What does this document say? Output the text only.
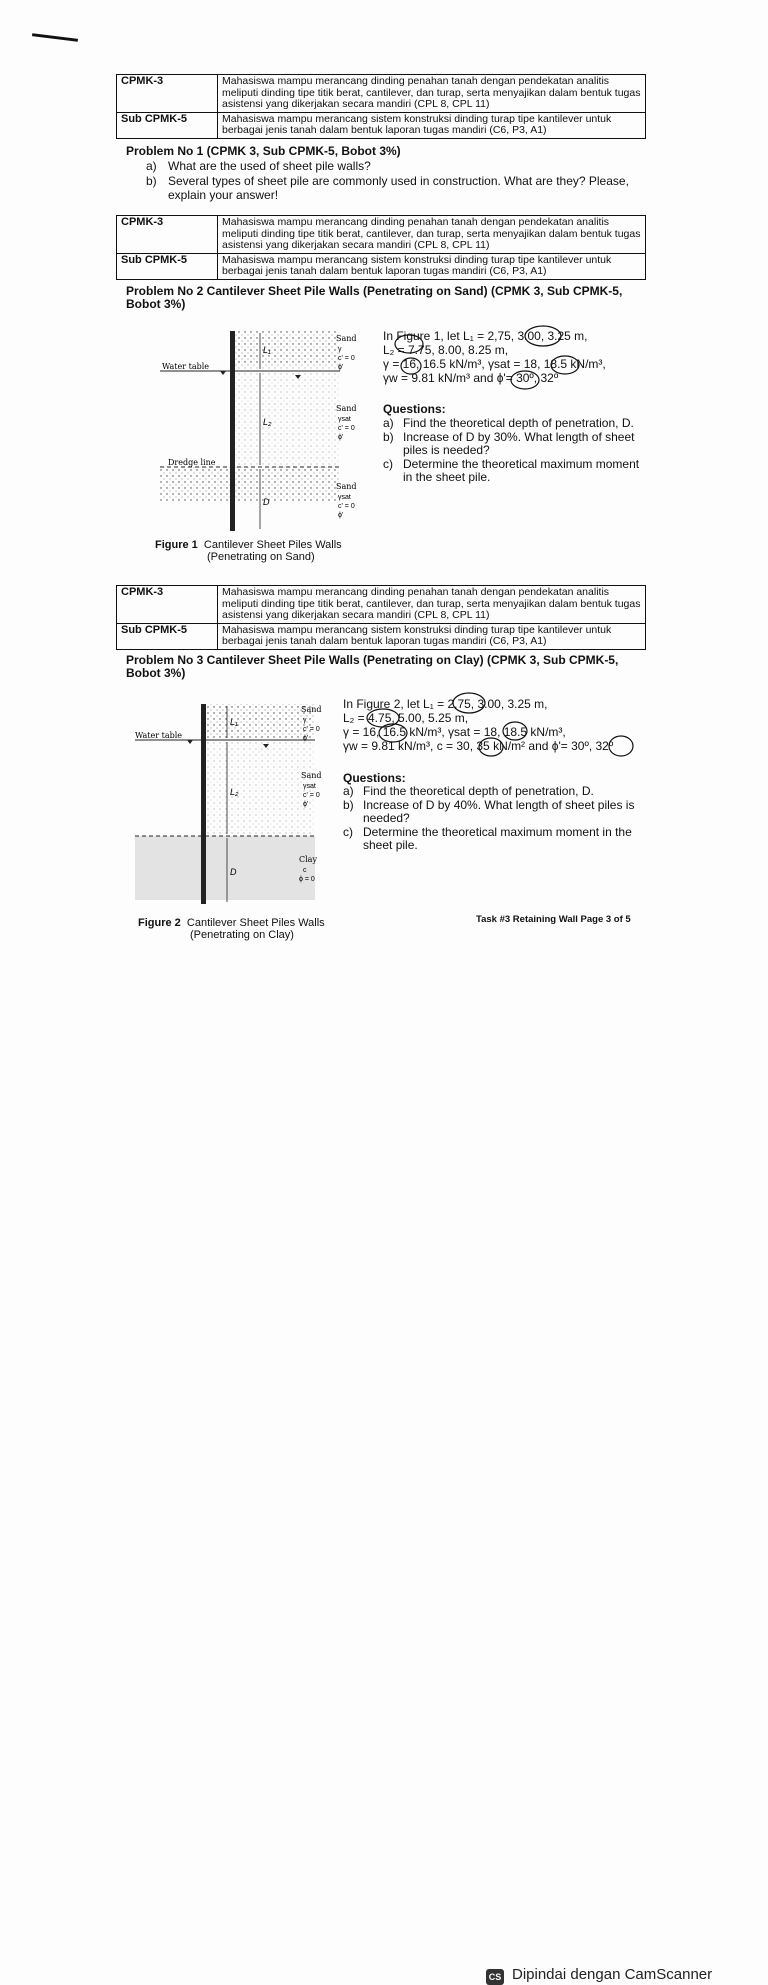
CPMK-3	Mahasiswa mampu merancang dinding penahan tanah dengan pendekatan analitis meliputi dinding tipe titik berat, cantilever, dan turap, serta menyajikan dalam bentuk tugas asistensi yang dikerjakan secara mandiri (CPL 8, CPL 11)
Sub CPMK-5	Mahasiswa mampu merancang sistem konstruksi dinding turap tipe kantilever untuk berbagai jenis tanah dalam bentuk laporan tugas mandiri (C6, P3, A1)
Problem No 1 (CPMK 3, Sub CPMK-5, Bobot 3%)
a) What are the used of sheet pile walls?
b) Several types of sheet pile are commonly used in construction. What are they? Please, explain your answer!
CPMK-3	Mahasiswa mampu merancang dinding penahan tanah dengan pendekatan analitis meliputi dinding tipe titik berat, cantilever, dan turap, serta menyajikan dalam bentuk tugas asistensi yang dikerjakan secara mandiri (CPL 8, CPL 11)
Sub CPMK-5	Mahasiswa mampu merancang sistem konstruksi dinding turap tipe kantilever untuk berbagai jenis tanah dalam bentuk laporan tugas mandiri (C6, P3, A1)
Problem No 2 Cantilever Sheet Pile Walls (Penetrating on Sand) (CPMK 3, Sub CPMK-5, Bobot 3%)
L₁
L₂
D
Water table
Dredge line
Sand
γ
c' = 0
ϕ'
Sand
γsat
c' = 0
ϕ'
Sand
γsat
c' = 0
ϕ'
In Figure 1, let L₁ = 2,75, 3.00, 3.25 m,
L₂ = 7.75, 8.00, 8.25 m,
γ = 16, 16.5 kN/m³, γsat = 18, 18.5 kN/m³,
γw = 9.81 kN/m³ and ϕ'= 30º, 32º
Questions:
a) Find the theoretical depth of penetration, D.
b) Increase of D by 30%. What length of sheet piles is needed?
c) Determine the theoretical maximum moment in the sheet pile.
Figure 1 Cantilever Sheet Piles Walls
(Penetrating on Sand)
CPMK-3	Mahasiswa mampu merancang dinding penahan tanah dengan pendekatan analitis meliputi dinding tipe titik berat, cantilever, dan turap, serta menyajikan dalam bentuk tugas asistensi yang dikerjakan secara mandiri (CPL 8, CPL 11)
Sub CPMK-5	Mahasiswa mampu merancang sistem konstruksi dinding turap tipe kantilever untuk berbagai jenis tanah dalam bentuk laporan tugas mandiri (C6, P3, A1)
Problem No 3 Cantilever Sheet Pile Walls (Penetrating on Clay) (CPMK 3, Sub CPMK-5, Bobot 3%)
L₁
L₂
D
Water table
Sand
γ
c' = 0
ϕ'
Sand
γsat
c' = 0
ϕ'
Clay
c
ϕ = 0
In Figure 2, let L₁ = 2.75, 3.00, 3.25 m,
L₂ = 4.75, 5.00, 5.25 m,
γ = 16, 16.5 kN/m³, γsat = 18, 18.5 kN/m³,
γw = 9.81 kN/m³, c = 30, 35 kN/m² and ϕ'= 30º, 32º
Questions:
a) Find the theoretical depth of penetration, D.
b) Increase of D by 40%. What length of sheet piles is needed?
c) Determine the theoretical maximum moment in the sheet pile.
Figure 2 Cantilever Sheet Piles Walls
(Penetrating on Clay)
Task #3 Retaining Wall Page 3 of 5
CS Dipindai dengan CamScanner
